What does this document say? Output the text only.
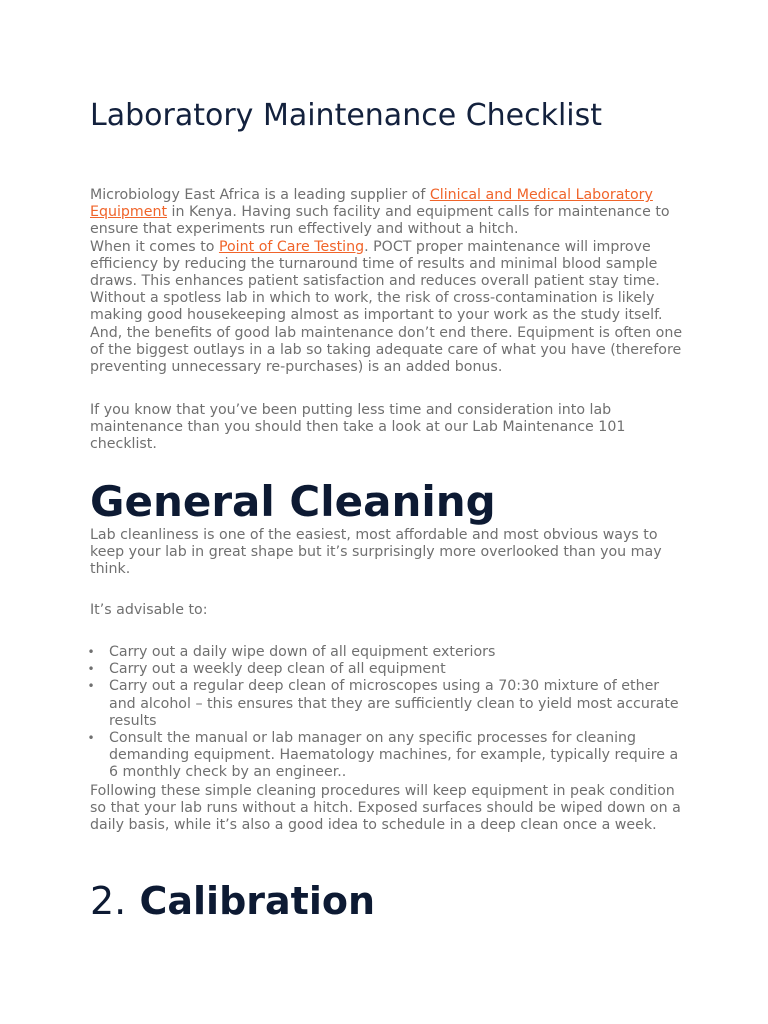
Laboratory Maintenance Checklist

Microbiology East Africa is a leading supplier of Clinical and Medical Laboratory Equipment in Kenya. Having such facility and equipment calls for maintenance to ensure that experiments run effectively and without a hitch.

When it comes to Point of Care Testing. POCT proper maintenance will improve efficiency by reducing the turnaround time of results and minimal blood sample draws. This enhances patient satisfaction and reduces overall patient stay time. Without a spotless lab in which to work, the risk of cross-contamination is likely making good housekeeping almost as important to your work as the study itself. And, the benefits of good lab maintenance don’t end there. Equipment is often one of the biggest outlays in a lab so taking adequate care of what you have (therefore preventing unnecessary re-purchases) is an added bonus.

If you know that you’ve been putting less time and consideration into lab maintenance than you should then take a look at our Lab Maintenance 101 checklist.

General Cleaning

Lab cleanliness is one of the easiest, most affordable and most obvious ways to keep your lab in great shape but it’s surprisingly more overlooked than you may think.

It’s advisable to:

• Carry out a daily wipe down of all equipment exteriors
• Carry out a weekly deep clean of all equipment
• Carry out a regular deep clean of microscopes using a 70:30 mixture of ether and alcohol – this ensures that they are sufficiently clean to yield most accurate results
• Consult the manual or lab manager on any specific processes for cleaning demanding equipment. Haematology machines, for example, typically require a 6 monthly check by an engineer..

Following these simple cleaning procedures will keep equipment in peak condition so that your lab runs without a hitch. Exposed surfaces should be wiped down on a daily basis, while it’s also a good idea to schedule in a deep clean once a week.

2. Calibration
